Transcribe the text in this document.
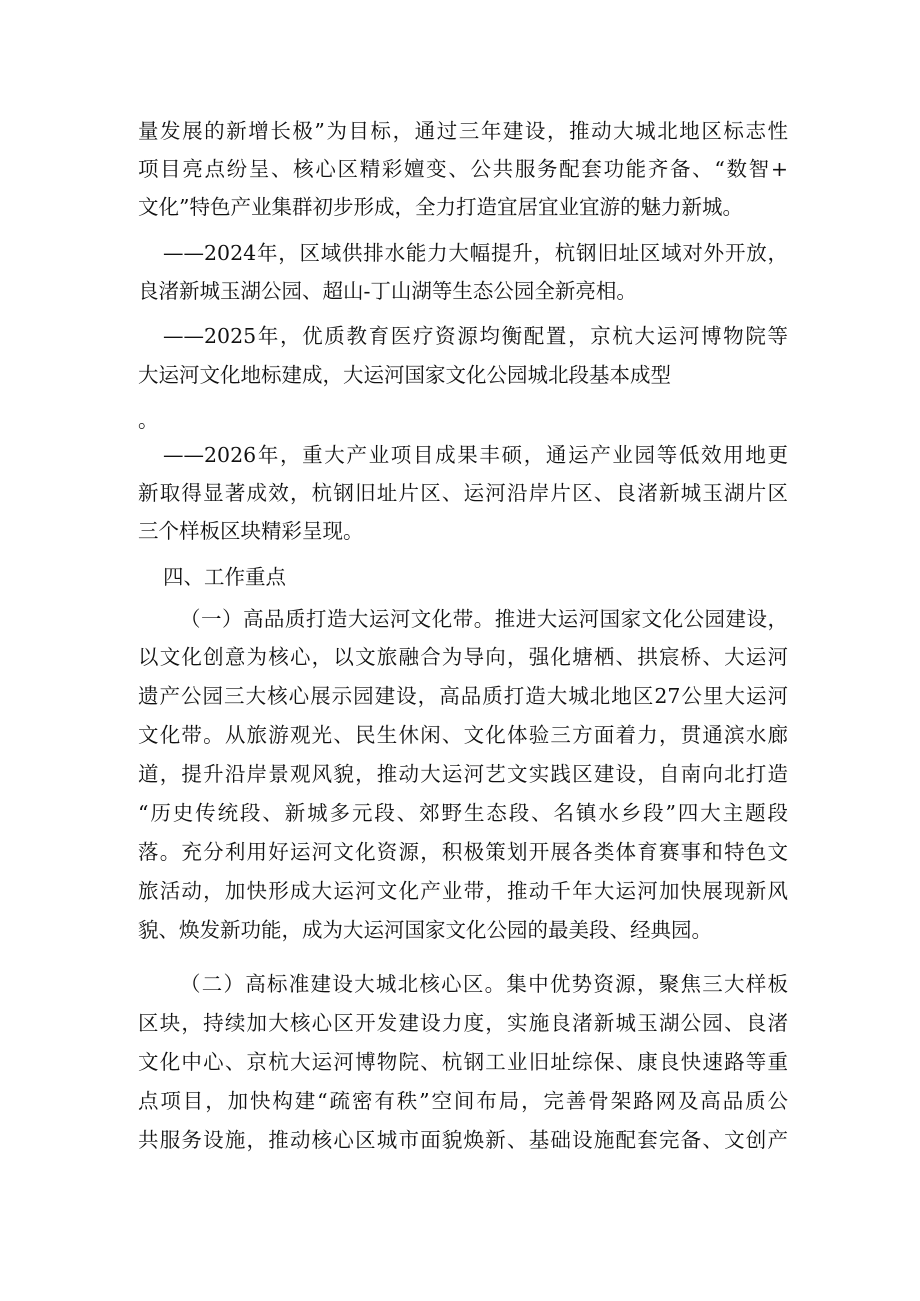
量发展的新增长极”为目标，通过三年建设，推动大城北地区标志性
项目亮点纷呈、核心区精彩嬗变、公共服务配套功能齐备、“数智+
文化”特色产业集群初步形成，全力打造宜居宜业宜游的魅力新城。
——2024年，区域供排水能力大幅提升，杭钢旧址区域对外开放，
良渚新城玉湖公园、超山-丁山湖等生态公园全新亮相。
——2025年，优质教育医疗资源均衡配置，京杭大运河博物院等
大运河文化地标建成，大运河国家文化公园城北段基本成型
。
——2026年，重大产业项目成果丰硕，通运产业园等低效用地更
新取得显著成效，杭钢旧址片区、运河沿岸片区、良渚新城玉湖片区
三个样板区块精彩呈现。
四、工作重点
（一）高品质打造大运河文化带。推进大运河国家文化公园建设，
以文化创意为核心，以文旅融合为导向，强化塘栖、拱宸桥、大运河
遗产公园三大核心展示园建设，高品质打造大城北地区27公里大运河
文化带。从旅游观光、民生休闲、文化体验三方面着力，贯通滨水廊
道，提升沿岸景观风貌，推动大运河艺文实践区建设，自南向北打造
“历史传统段、新城多元段、郊野生态段、名镇水乡段”四大主题段
落。充分利用好运河文化资源，积极策划开展各类体育赛事和特色文
旅活动，加快形成大运河文化产业带，推动千年大运河加快展现新风
貌、焕发新功能，成为大运河国家文化公园的最美段、经典园。
（二）高标准建设大城北核心区。集中优势资源，聚焦三大样板
区块，持续加大核心区开发建设力度，实施良渚新城玉湖公园、良渚
文化中心、京杭大运河博物院、杭钢工业旧址综保、康良快速路等重
点项目，加快构建“疏密有秩”空间布局，完善骨架路网及高品质公
共服务设施，推动核心区城市面貌焕新、基础设施配套完备、文创产
